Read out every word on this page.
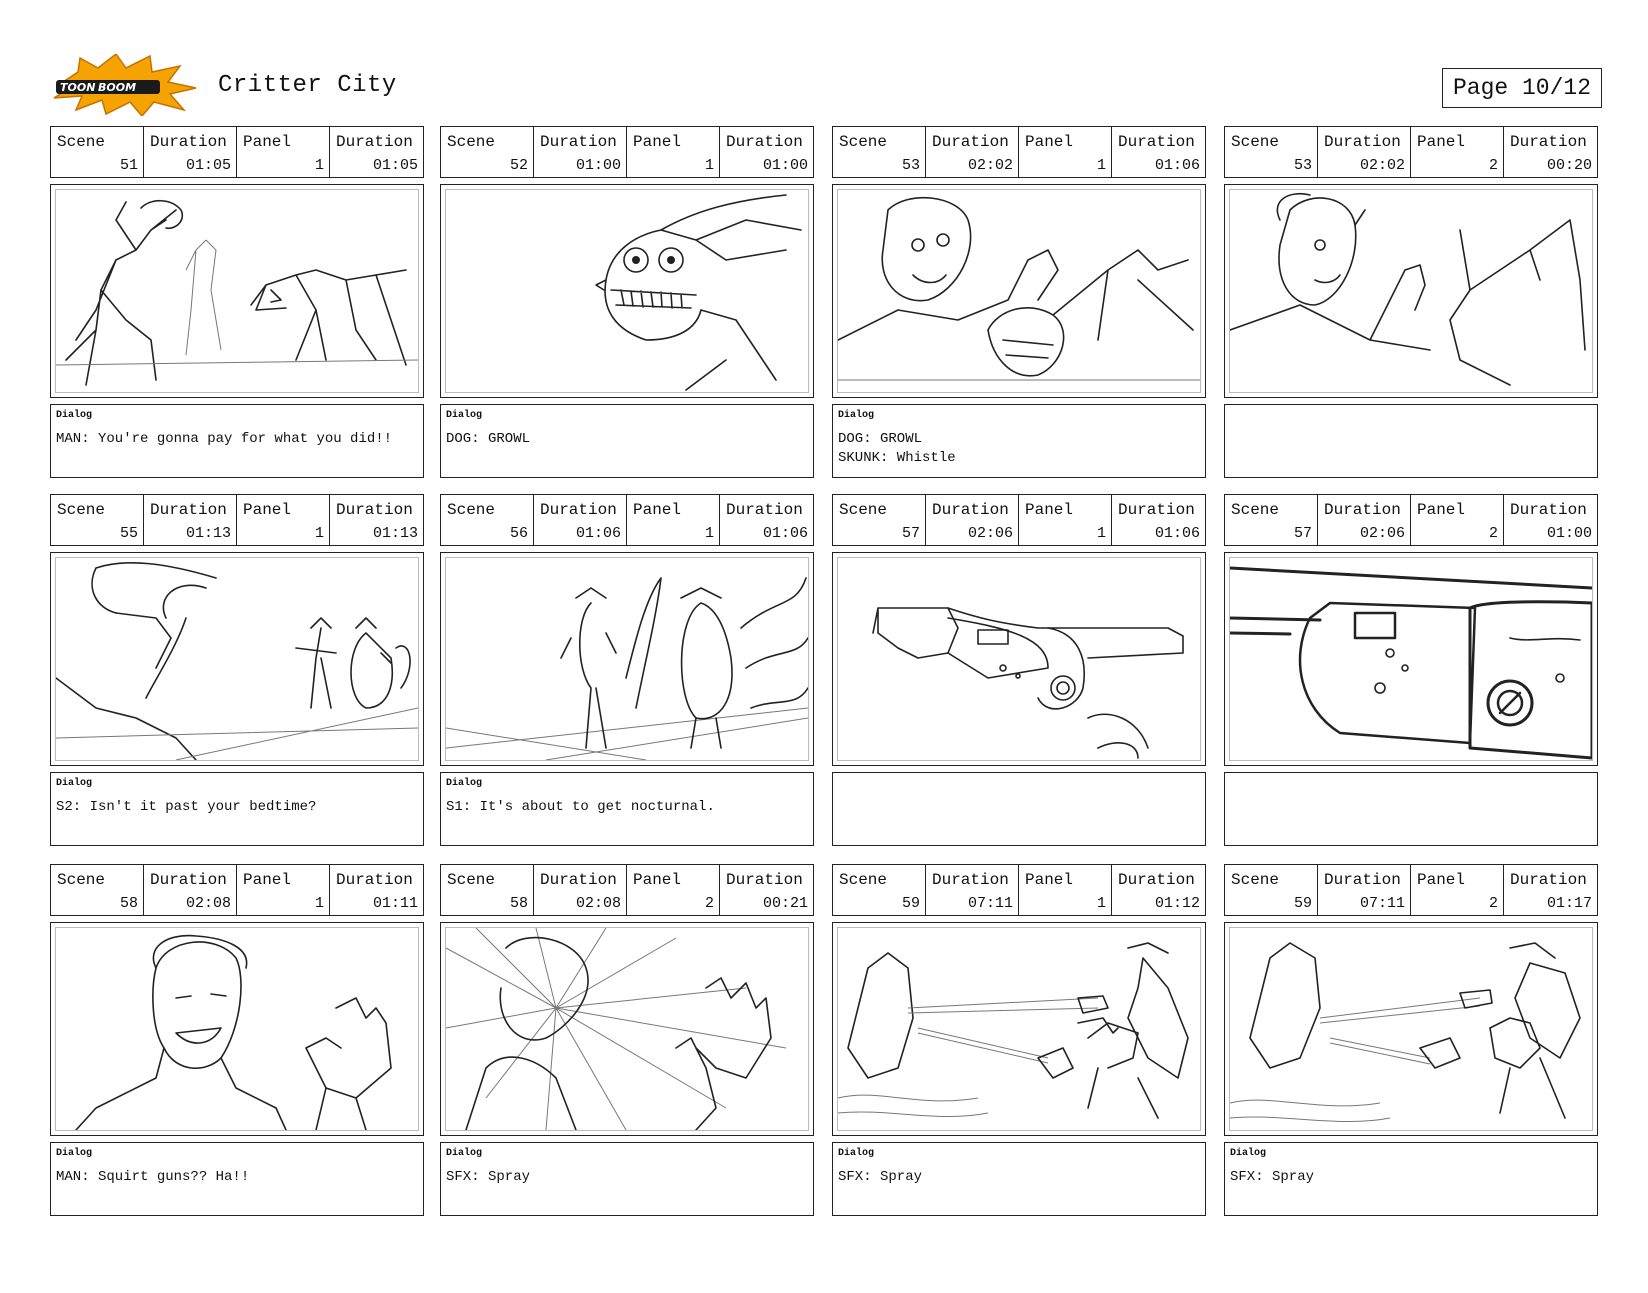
TOON BOOM	Critter City	Page 10/12
Scene
51
Duration
01:05
Panel
1
Duration
01:05
Dialog
MAN: You're gonna pay for what you did!!
Scene
52
Duration
01:00
Panel
1
Duration
01:00
Dialog
DOG: GROWL
Scene
53
Duration
02:02
Panel
1
Duration
01:06
Dialog
DOG: GROWL
SKUNK: Whistle
Scene
53
Duration
02:02
Panel
2
Duration
00:20
Scene
55
Duration
01:13
Panel
1
Duration
01:13
Dialog
S2: Isn't it past your bedtime?
Scene
56
Duration
01:06
Panel
1
Duration
01:06
Dialog
S1: It's about to get nocturnal.
Scene
57
Duration
02:06
Panel
1
Duration
01:06
Scene
57
Duration
02:06
Panel
2
Duration
01:00
Scene
58
Duration
02:08
Panel
1
Duration
01:11
Dialog
MAN: Squirt guns?? Ha!!
Scene
58
Duration
02:08
Panel
2
Duration
00:21
Dialog
SFX: Spray
Scene
59
Duration
07:11
Panel
1
Duration
01:12
Dialog
SFX: Spray
Scene
59
Duration
07:11
Panel
2
Duration
01:17
Dialog
SFX: Spray
